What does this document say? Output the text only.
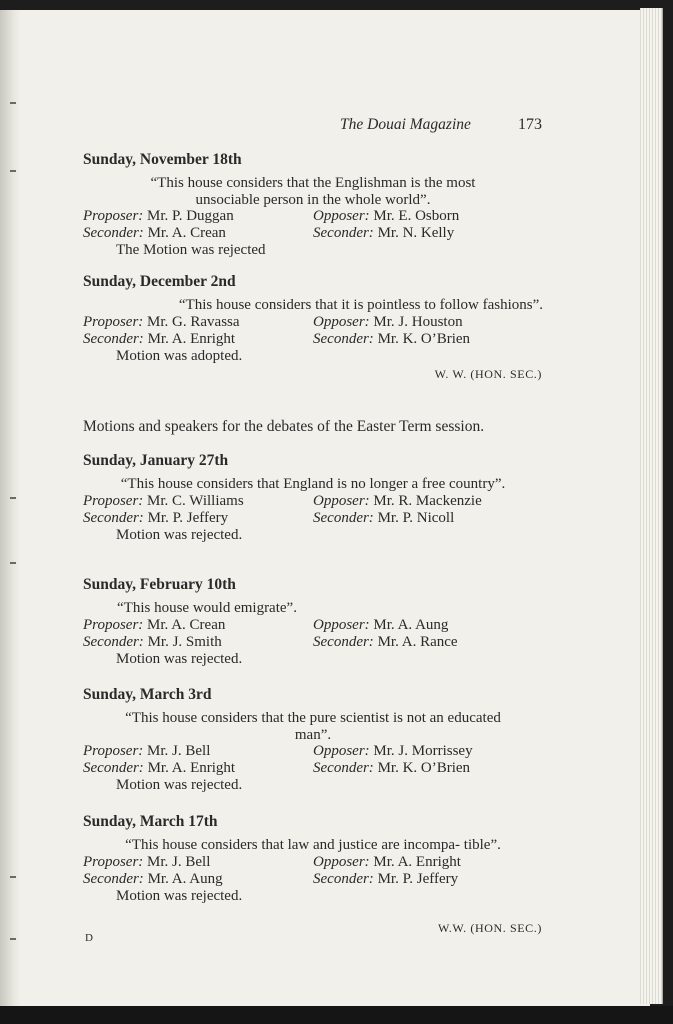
The Douai Magazine	173
Sunday, November 18th
“This house considers that the Englishman is the most unsociable person in the whole world”.
Proposer: Mr. P. Duggan	Opposer: Mr. E. Osborn
Seconder: Mr. A. Crean	Seconder: Mr. N. Kelly
The Motion was rejected
Sunday, December 2nd
“This house considers that it is pointless to follow fashions”.
Proposer: Mr. G. Ravassa	Opposer: Mr. J. Houston
Seconder: Mr. A. Enright	Seconder: Mr. K. O’Brien
Motion was adopted.
W. W. (HON. SEC.)
Motions and speakers for the debates of the Easter Term session.
Sunday, January 27th
“This house considers that England is no longer a free country”.
Proposer: Mr. C. Williams	Opposer: Mr. R. Mackenzie
Seconder: Mr. P. Jeffery	Seconder: Mr. P. Nicoll
Motion was rejected.
Sunday, February 10th
“This house would emigrate”.
Proposer: Mr. A. Crean	Opposer: Mr. A. Aung
Seconder: Mr. J. Smith	Seconder: Mr. A. Rance
Motion was rejected.
Sunday, March 3rd
“This house considers that the pure scientist is not an educated man”.
Proposer: Mr. J. Bell	Opposer: Mr. J. Morrissey
Seconder: Mr. A. Enright	Seconder: Mr. K. O’Brien
Motion was rejected.
Sunday, March 17th
“This house considers that law and justice are incompa- tible”.
Proposer: Mr. J. Bell	Opposer: Mr. A. Enright
Seconder: Mr. A. Aung	Seconder: Mr. P. Jeffery
Motion was rejected.
W.W. (HON. SEC.)
D
